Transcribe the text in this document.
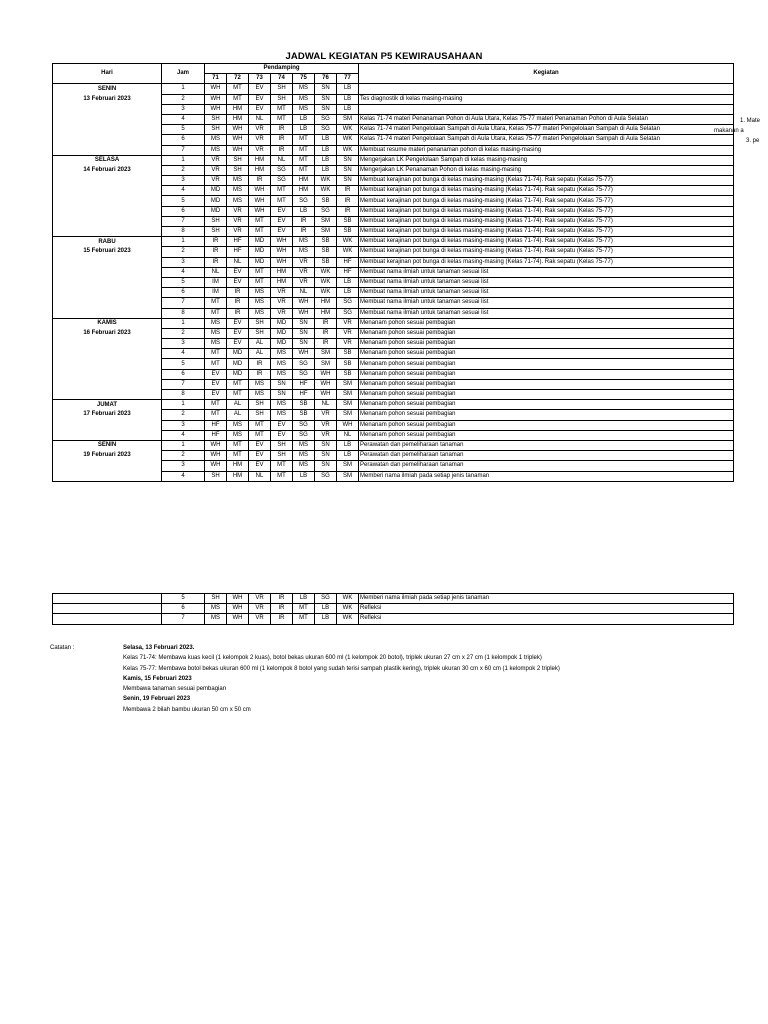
JADWAL KEGIATAN P5 KEWIRAUSAHAAN
Hari	Jam	Pendamping							Kegiatan
		71	72	73	74	75	76	77	
SENIN	1	WH	MT	EV	SH	MS	SN	LB	
13 Februari 2023	2	WH	MT	EV	SH	MS	SN	LB	Tes diagnostik di kelas masing-masing
	3	WH	HM	EV	MT	MS	SN	LB	
	4	SH	HM	NL	MT	LB	SG	SM	Kelas 71-74 materi Penanaman Pohon di Aula Utara, Kelas 75-77 materi Penanaman Pohon di Aula Selatan
	5	SH	WH	VR	IR	LB	SG	WK	Kelas 71-74 materi Pengelolaan Sampah di Aula Utara, Kelas 75-77 materi Pengelolaan Sampah di Aula Selatan
	6	MS	WH	VR	IR	MT	LB	WK	Kelas 71-74 materi Pengelolaan Sampah di Aula Utara, Kelas 75-77 materi Pengelolaan Sampah di Aula Selatan
	7	MS	WH	VR	IR	MT	LB	WK	Membuat resume materi penanaman pohon di kelas masing-masing
SELASA	1	VR	SH	HM	NL	MT	LB	SN	Mengerjakan LK Pengelolaan Sampah di kelas masing-masing
14 Februari 2023	2	VR	SH	HM	SG	MT	LB	SN	Mengerjakan LK Penanaman Pohon di kelas masing-masing
	3	VR	MS	IR	SG	HM	WK	SN	Membuat kerajinan pot bunga di kelas masing-masing (Kelas 71-74). Rak sepatu (Kelas 75-77)
	4	MD	MS	WH	MT	HM	WK	IR	Membuat kerajinan pot bunga di kelas masing-masing (Kelas 71-74). Rak sepatu (Kelas 75-77)
	5	MD	MS	WH	MT	SG	SB	IR	Membuat kerajinan pot bunga di kelas masing-masing (Kelas 71-74). Rak sepatu (Kelas 75-77)
	6	MD	VR	WH	EV	LB	SG	IR	Membuat kerajinan pot bunga di kelas masing-masing (Kelas 71-74). Rak sepatu (Kelas 75-77)
	7	SH	VR	MT	EV	IR	SM	SB	Membuat kerajinan pot bunga di kelas masing-masing (Kelas 71-74). Rak sepatu (Kelas 75-77)
	8	SH	VR	MT	EV	IR	SM	SB	Membuat kerajinan pot bunga di kelas masing-masing (Kelas 71-74). Rak sepatu (Kelas 75-77)
RABU	1	IR	HF	MD	WH	MS	SB	WK	Membuat kerajinan pot bunga di kelas masing-masing (Kelas 71-74). Rak sepatu (Kelas 75-77)
15 Februari 2023	2	IR	HF	MD	WH	MS	SB	WK	Membuat kerajinan pot bunga di kelas masing-masing (Kelas 71-74). Rak sepatu (Kelas 75-77)
	3	IR	NL	MD	WH	VR	SB	HF	Membuat kerajinan pot bunga di kelas masing-masing (Kelas 71-74). Rak sepatu (Kelas 75-77)
	4	NL	EV	MT	HM	VR	WK	HF	Membuat nama ilmiah untuk tanaman sesuai list
	5	IM	EV	MT	HM	VR	WK	LB	Membuat nama ilmiah untuk tanaman sesuai list
	6	IM	IR	MS	VR	NL	WK	LB	Membuat nama ilmiah untuk tanaman sesuai list
	7	MT	IR	MS	VR	WH	HM	SG	Membuat nama ilmiah untuk tanaman sesuai list
	8	MT	IR	MS	VR	WH	HM	SG	Membuat nama ilmiah untuk tanaman sesuai list
KAMIS	1	MS	EV	SH	MD	SN	IR	VR	Menanam pohon sesuai pembagian
16 Februari 2023	2	MS	EV	SH	MD	SN	IR	VR	Menanam pohon sesuai pembagian
	3	MS	EV	AL	MD	SN	IR	VR	Menanam pohon sesuai pembagian
	4	MT	MD	AL	MS	WH	SM	SB	Menanam pohon sesuai pembagian
	5	MT	MD	IR	MS	SG	SM	SB	Menanam pohon sesuai pembagian
	6	EV	MD	IR	MS	SG	WH	SB	Menanam pohon sesuai pembagian
	7	EV	MT	MS	SN	HF	WH	SM	Menanam pohon sesuai pembagian
	8	EV	MT	MS	SN	HF	WH	SM	Menanam pohon sesuai pembagian
JUMAT	1	MT	AL	SH	MS	SB	NL	SM	Menanam pohon sesuai pembagian
17 Februari 2023	2	MT	AL	SH	MS	SB	VR	SM	Menanam pohon sesuai pembagian
	3	HF	MS	MT	EV	SG	VR	WH	Menanam pohon sesuai pembagian
	4	HF	MS	MT	EV	SG	VR	NL	Menanam pohon sesuai pembagian
SENIN	1	WH	MT	EV	SH	MS	SN	LB	Perawatan dan pemeliharaan tanaman
19 Februari 2023	2	WH	MT	EV	SH	MS	SN	LB	Perawatan dan pemeliharaan tanaman
	3	WH	HM	EV	MT	MS	SN	SM	Perawatan dan pemeliharaan tanaman
	4	SH	HM	NL	MT	LB	SG	SM	Memberi nama ilmiah pada setiap jenis tanaman
1. Mate
makanan a
3. pe
	5	SH	WH	VR	IR	LB	SG	WK	Memberi nama ilmiah pada setiap jenis tanaman
	6	MS	WH	VR	IR	MT	LB	WK	Refleksi
	7	MS	WH	VR	IR	MT	LB	WK	Refleksi
Catatan :	Selasa, 13 Februari 2023.
Kelas 71-74: Membawa kuas kecil (1 kelompok 2 kuas), botol bekas ukuran 600 ml (1 kelompok 20 botol), triplek ukuran 27 cm x 27 cm (1 kelompok 1 triplek)
Kelas 75-77: Membawa botol bekas ukuran 600 ml (1 kelompok 8 botol yang sudah terisi sampah plastik kering), triplek ukuran 30 cm x 60 cm (1 kelompok 2 triplek)
Kamis, 15 Februari 2023
Membawa tanaman sesuai pembagian
Senin, 19 Februari 2023
Membawa 2 bilah bambu ukuran 50 cm x 50 cm
